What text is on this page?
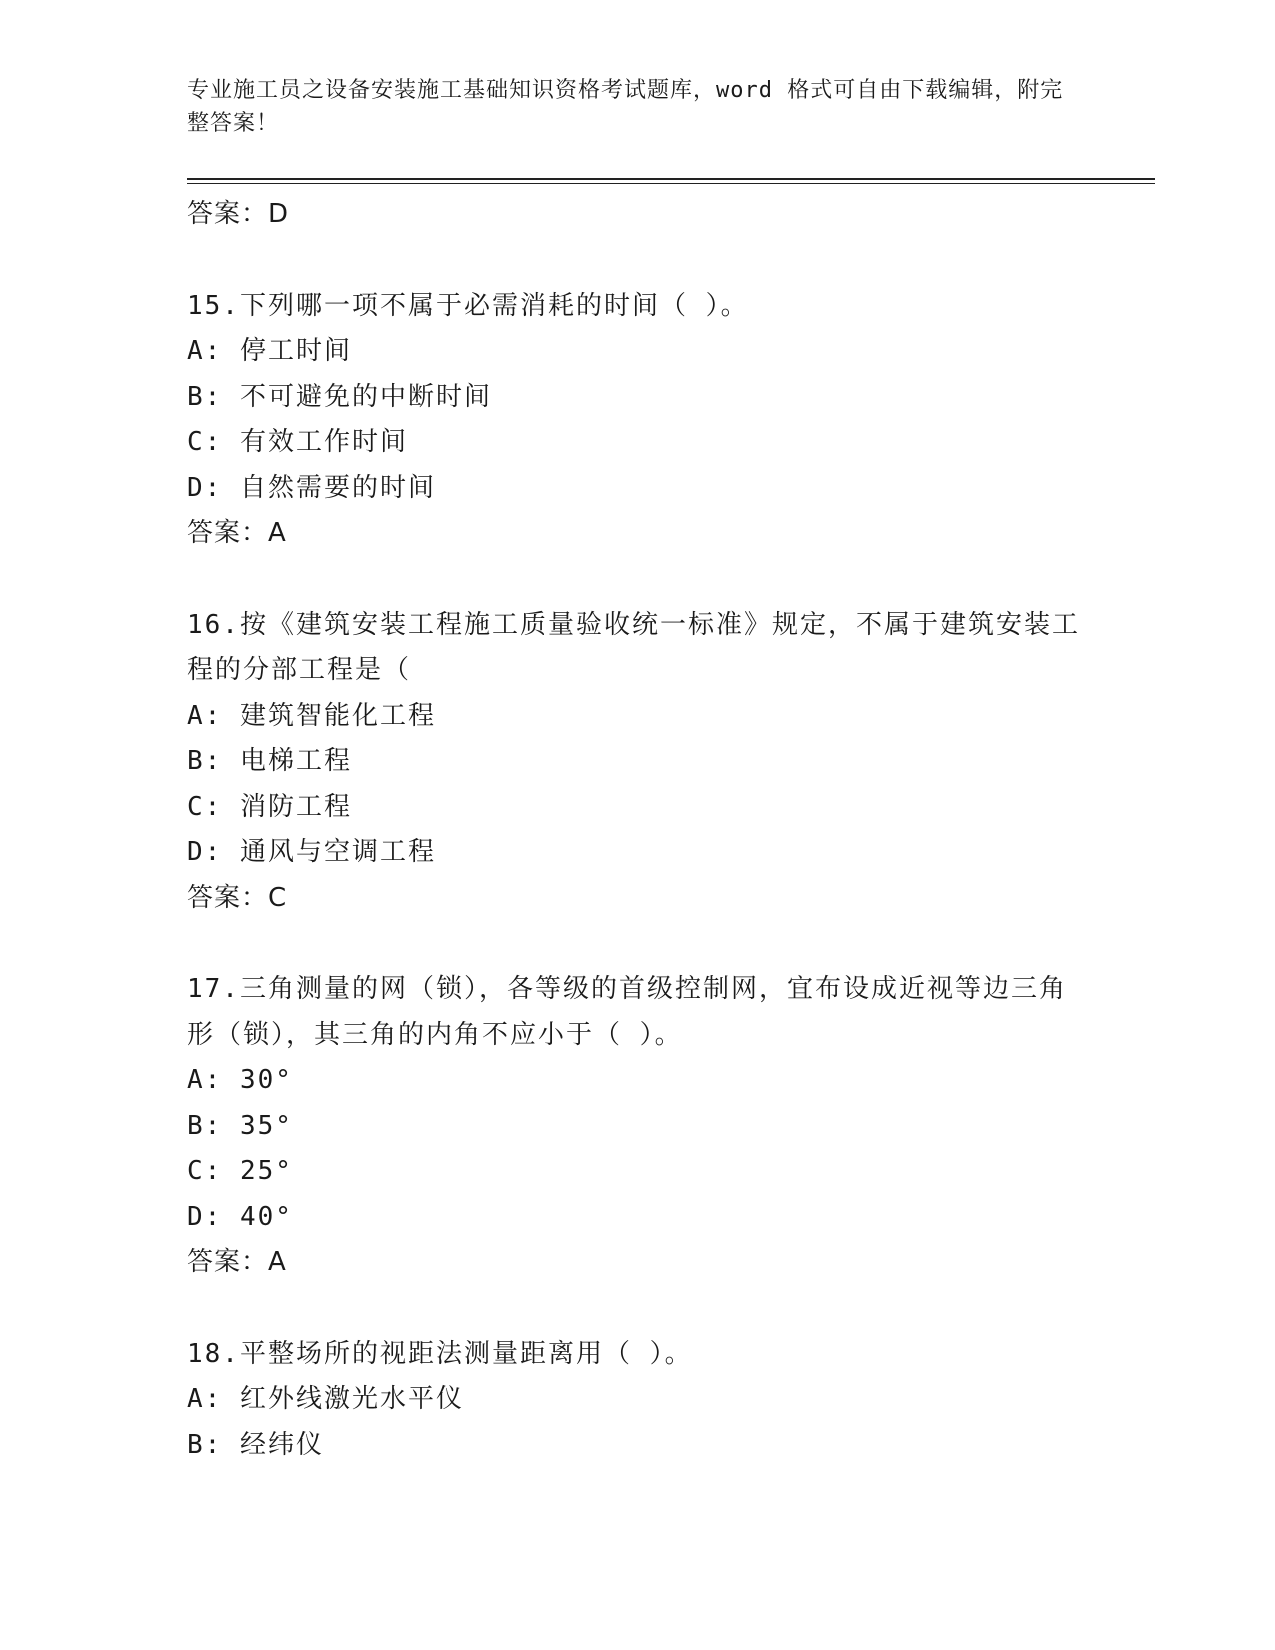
专业施工员之设备安装施工基础知识资格考试题库，word 格式可自由下载编辑，附完整答案！
答案：D
15.下列哪一项不属于必需消耗的时间（ ）。
A: 停工时间
B: 不可避免的中断时间
C: 有效工作时间
D: 自然需要的时间
答案：A
16.按《建筑安装工程施工质量验收统一标准》规定，不属于建筑安装工程的分部工程是（
A: 建筑智能化工程
B: 电梯工程
C: 消防工程
D: 通风与空调工程
答案：C
17.三角测量的网（锁），各等级的首级控制网，宜布设成近视等边三角形（锁），其三角的内角不应小于（ ）。
A: 30°
B: 35°
C: 25°
D: 40°
答案：A
18.平整场所的视距法测量距离用（ ）。
A: 红外线激光水平仪
B: 经纬仪
